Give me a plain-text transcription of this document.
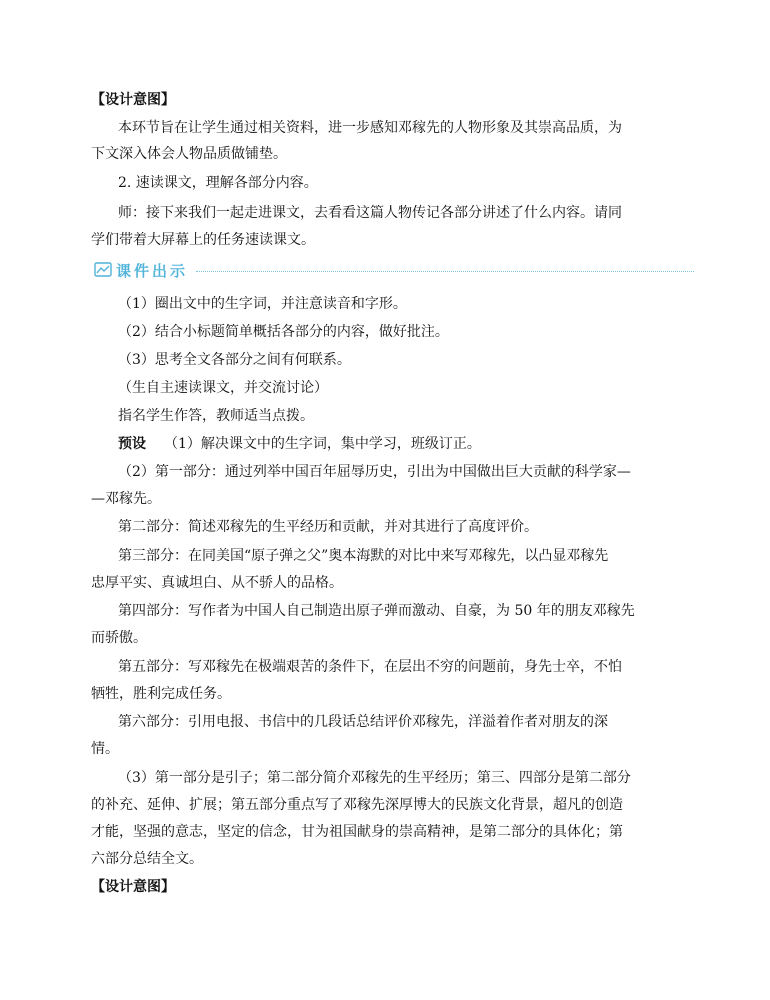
【设计意图】
本环节旨在让学生通过相关资料，进一步感知邓稼先的人物形象及其崇高品质，为
下文深入体会人物品质做铺垫。
2. 速读课文，理解各部分内容。
师：接下来我们一起走进课文，去看看这篇人物传记各部分讲述了什么内容。请同
学们带着大屏幕上的任务速读课文。
课件出示
（1）圈出文中的生字词，并注意读音和字形。
（2）结合小标题简单概括各部分的内容，做好批注。
（3）思考全文各部分之间有何联系。
（生自主速读课文，并交流讨论）
指名学生作答，教师适当点拨。
预设 （1）解决课文中的生字词，集中学习，班级订正。
（2）第一部分：通过列举中国百年屈辱历史，引出为中国做出巨大贡献的科学家—
—邓稼先。
第二部分：简述邓稼先的生平经历和贡献，并对其进行了高度评价。
第三部分：在同美国“原子弹之父”奥本海默的对比中来写邓稼先，以凸显邓稼先
忠厚平实、真诚坦白、从不骄人的品格。
第四部分：写作者为中国人自己制造出原子弹而激动、自豪，为 50 年的朋友邓稼先
而骄傲。
第五部分：写邓稼先在极端艰苦的条件下，在层出不穷的问题前，身先士卒，不怕
牺牲，胜利完成任务。
第六部分：引用电报、书信中的几段话总结评价邓稼先，洋溢着作者对朋友的深
情。
（3）第一部分是引子；第二部分简介邓稼先的生平经历；第三、四部分是第二部分
的补充、延伸、扩展；第五部分重点写了邓稼先深厚博大的民族文化背景，超凡的创造
才能，坚强的意志，坚定的信念，甘为祖国献身的崇高精神，是第二部分的具体化；第
六部分总结全文。
【设计意图】
